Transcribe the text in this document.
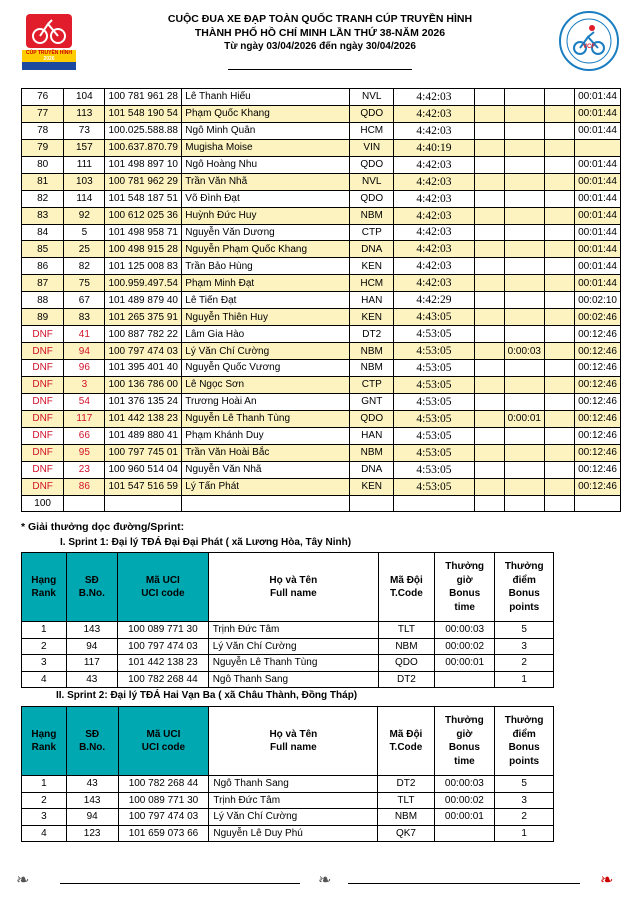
CÚP TRUYỀN HÌNH
2026
HTV
CUỘC ĐUA XE ĐẠP TOÀN QUỐC TRANH CÚP TRUYỀN HÌNH
THÀNH PHỐ HỒ CHÍ MINH LẦN THỨ 38-NĂM 2026
Từ ngày 03/04/2026 đến ngày 30/04/2026	VCF
76	104	100 781 961 28	Lê Thanh Hiếu	NVL	4:42:03				00:01:44
77	113	101 548 190 54	Phạm Quốc Khang	QDO	4:42:03				00:01:44
78	73	100.025.588.88	Ngô Minh Quân	HCM	4:42:03				00:01:44
79	157	100.637.870.79	Mugisha Moise	VIN	4:40:19				
80	111	101 498 897 10	Ngô Hoàng Nhu	QDO	4:42:03				00:01:44
81	103	100 781 962 29	Trần Văn Nhã	NVL	4:42:03				00:01:44
82	114	101 548 187 51	Võ Đình Đạt	QDO	4:42:03				00:01:44
83	92	100 612 025 36	Huỳnh Đức Huy	NBM	4:42:03				00:01:44
84	5	101 498 958 71	Nguyễn Văn Dương	CTP	4:42:03				00:01:44
85	25	100 498 915 28	Nguyễn Phạm Quốc Khang	DNA	4:42:03				00:01:44
86	82	101 125 008 83	Trần Bảo Hùng	KEN	4:42:03				00:01:44
87	75	100.959.497.54	Phạm Minh Đạt	HCM	4:42:03				00:01:44
88	67	101 489 879 40	Lê Tiến Đạt	HAN	4:42:29				00:02:10
89	83	101 265 375 91	Nguyễn Thiên Huy	KEN	4:43:05				00:02:46
DNF	41	100 887 782 22	Lâm Gia Hào	DT2	4:53:05				00:12:46
DNF	94	100 797 474 03	Lý Văn Chí Cường	NBM	4:53:05		0:00:03		00:12:46
DNF	96	101 395 401 40	Nguyễn Quốc Vương	NBM	4:53:05				00:12:46
DNF	3	100 136 786 00	Lê Ngọc Sơn	CTP	4:53:05				00:12:46
DNF	54	101 376 135 24	Trương Hoài An	GNT	4:53:05				00:12:46
DNF	117	101 442 138 23	Nguyễn Lê Thanh Tùng	QDO	4:53:05		0:00:01		00:12:46
DNF	66	101 489 880 41	Phạm Khánh Duy	HAN	4:53:05				00:12:46
DNF	95	100 797 745 01	Trần Văn Hoài Bắc	NBM	4:53:05				00:12:46
DNF	23	100 960 514 04	Nguyễn Văn Nhã	DNA	4:53:05				00:12:46
DNF	86	101 547 516 59	Lý Tấn Phát	KEN	4:53:05				00:12:46
100									
* Giải thưởng dọc đường/Sprint:
I. Sprint 1: Đại lý TĐÁ Đại Đại Phát ( xã Lương Hòa, Tây Ninh)
Hạng
Rank	SĐ
B.No.	Mã UCI
UCI code	Họ và Tên
Full name	Mã Đội
T.Code	Thưởng
giờ
Bonus
time	Thưởng
điểm
Bonus
points
1	143	100 089 771 30	Trịnh Đức Tâm	TLT	00:00:03	5
2	94	100 797 474 03	Lý Văn Chí Cường	NBM	00:00:02	3
3	117	101 442 138 23	Nguyễn Lê Thanh Tùng	QDO	00:00:01	2
4	43	100 782 268 44	Ngô Thanh Sang	DT2		1
II. Sprint 2: Đại lý TĐÁ Hai Vạn Ba ( xã Châu Thành, Đồng Tháp)
Hạng
Rank	SĐ
B.No.	Mã UCI
UCI code	Họ và Tên
Full name	Mã Đội
T.Code	Thưởng
giờ
Bonus
time	Thưởng
điểm
Bonus
points
1	43	100 782 268 44	Ngô Thanh Sang	DT2	00:00:03	5
2	143	100 089 771 30	Trịnh Đức Tâm	TLT	00:00:02	3
3	94	100 797 474 03	Lý Văn Chí Cường	NBM	00:00:01	2
4	123	101 659 073 66	Nguyễn Lê Duy Phú	QK7		1
❧	❧	❧
